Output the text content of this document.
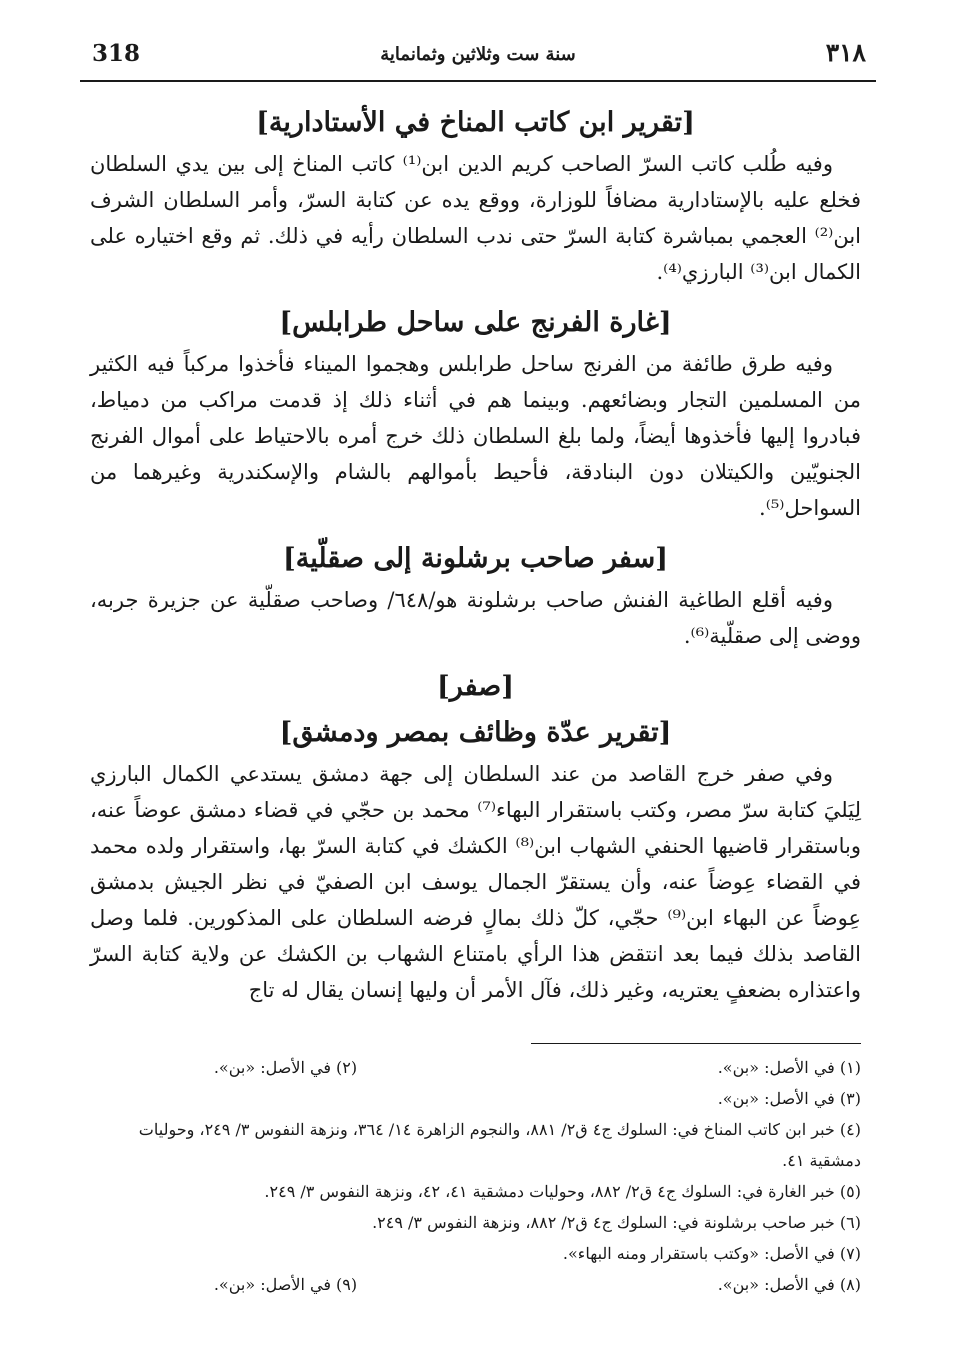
318	سنة ست وثلاثين وثمانماية	٣١٨
[تقرير ابن كاتب المناخ في الأستادارية]

وفيه طُلب كاتب السرّ الصاحب كريم الدين ابن⁽¹⁾ كاتب المناخ إلى بين يدي السلطان فخلع عليه بالإستادارية مضافاً للوزارة، ووقع يده عن كتابة السرّ، وأمر السلطان الشرف ابن⁽²⁾ العجمي بمباشرة كتابة السرّ حتى ندب السلطان رأيه في ذلك. ثم وقع اختياره على الكمال ابن⁽³⁾ البارزي⁽⁴⁾.

[غارة الفرنج على ساحل طرابلس]

وفيه طرق طائفة من الفرنج ساحل طرابلس وهجموا الميناء فأخذوا مركباً فيه الكثير من المسلمين التجار وبضائعهم. وبينما هم في أثناء ذلك إذ قدمت مراكب من دمياط، فبادروا إليها فأخذوها أيضاً، ولما بلغ السلطان ذلك خرج أمره بالاحتياط على أموال الفرنج الجنويّين والكيتلان دون البنادقة، فأحيط بأموالهم بالشام والإسكندرية وغيرهما من السواحل⁽⁵⁾.

[سفر صاحب برشلونة إلى صقلّية]

وفيه أقلع الطاغية الفنش صاحب برشلونة هو/٦٤٨/ وصاحب صقلّية عن جزيرة جربه، ووضى إلى صقلّية⁽⁶⁾.

[صفر]
[تقرير عدّة وظائف بمصر ودمشق]

وفي صفر خرج القاصد من عند السلطان إلى جهة دمشق يستدعي الكمال البارزي لِيَليَ كتابة سرّ مصر، وكتب باستقرار البهاء⁽⁷⁾ محمد بن حجّي في قضاء دمشق عوضاً عنه، وباستقرار قاضيها الحنفي الشهاب ابن⁽⁸⁾ الكشك في كتابة السرّ بها، واستقرار ولده محمد في القضاء عِوضاً عنه، وأن يستقرّ الجمال يوسف ابن الصفيّ في نظر الجيش بدمشق عِوضاً عن البهاء ابن⁽⁹⁾ حجّي، كلّ ذلك بمالٍ فرضه السلطان على المذكورين. فلما وصل القاصد بذلك فيما بعد انتقض هذا الرأي بامتناع الشهاب بن الكشك عن ولاية كتابة السرّ واعتذاره بضعفٍ يعتريه، وغير ذلك، فآل الأمر أن وليها إنسان يقال له تاج

(١) في الأصل: «بن».
(٢) في الأصل: «بن».
(٣) في الأصل: «بن».
(٤) خبر ابن كاتب المناخ في: السلوك ج٤ ق٢/ ٨٨١، والنجوم الزاهرة ١٤/ ٣٦٤، ونزهة النفوس ٣/ ٢٤٩، وحوليات دمشقية ٤١.
(٥) خبر الغارة في: السلوك ج٤ ق٢/ ٨٨٢، وحوليات دمشقية ٤١، ٤٢، ونزهة النفوس ٣/ ٢٤٩.
(٦) خبر صاحب برشلونة في: السلوك ج٤ ق٢/ ٨٨٢، ونزهة النفوس ٣/ ٢٤٩.
(٧) في الأصل: «وكتب باستقرار ومنه البهاء».
(٨) في الأصل: «بن».
(٩) في الأصل: «بن».
